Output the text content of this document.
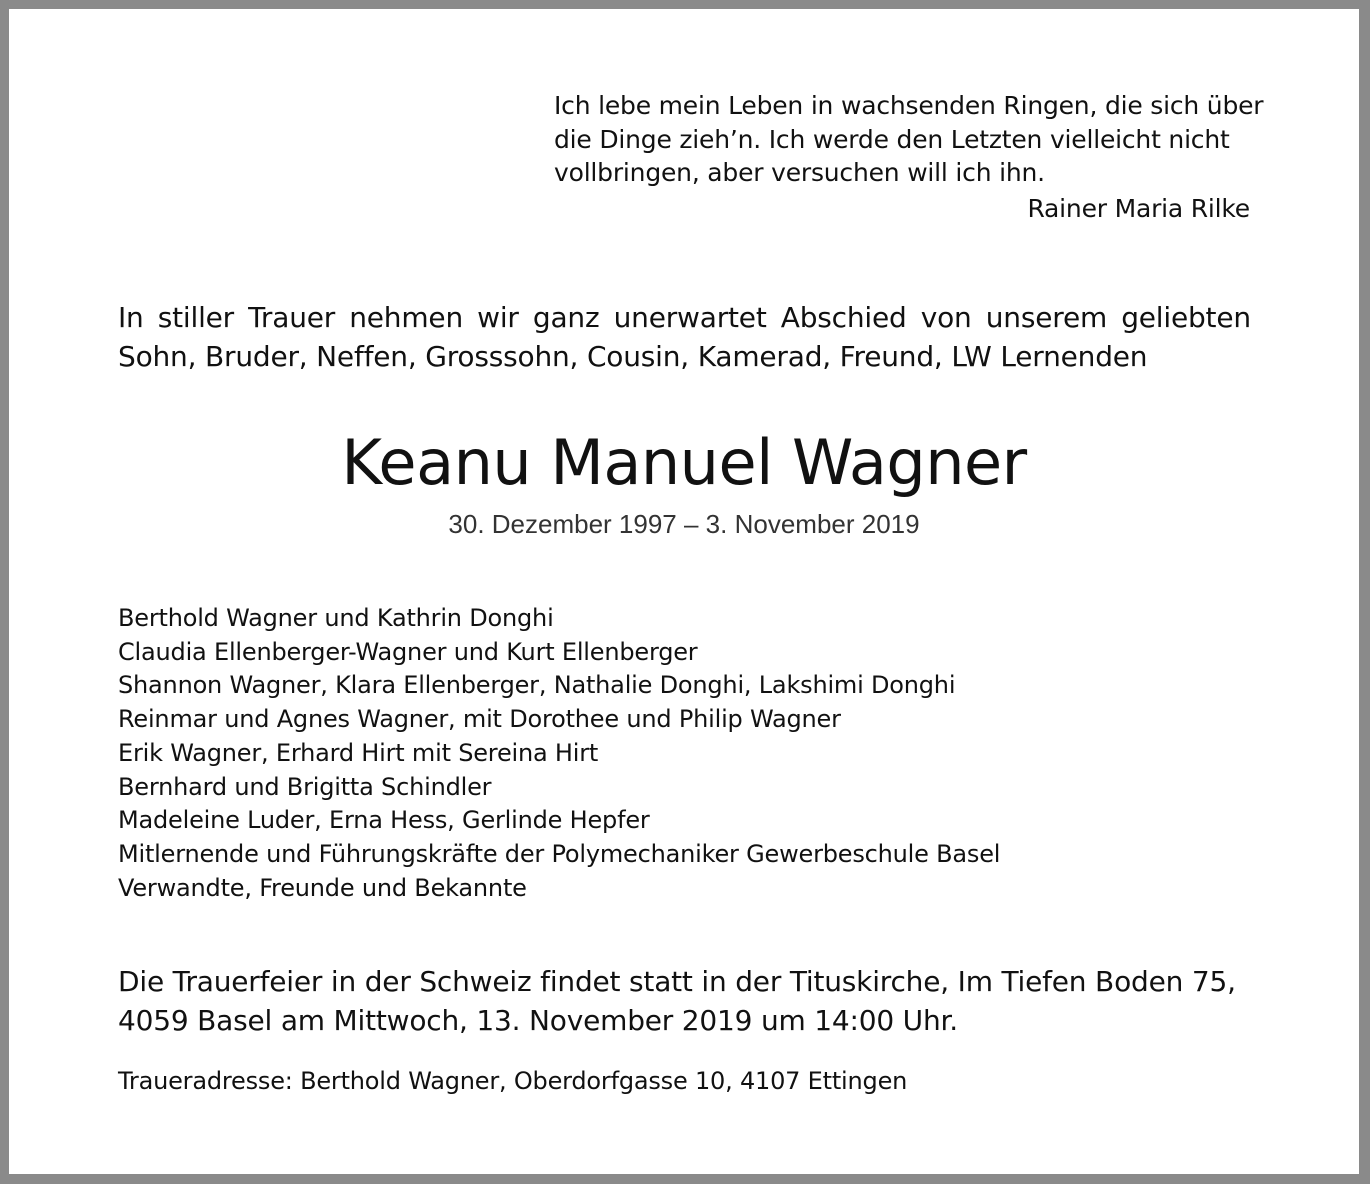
Ich lebe mein Leben in wachsenden Ringen, die sich über
die Dinge zieh’n. Ich werde den Letzten vielleicht nicht
vollbringen, aber versuchen will ich ihn.
Rainer Maria Rilke
In stiller Trauer nehmen wir ganz unerwartet Abschied von unserem geliebten
Sohn, Bruder, Neffen, Grosssohn, Cousin, Kamerad, Freund, LW Lernenden
Keanu Manuel Wagner
30. Dezember 1997 – 3. November 2019
Berthold Wagner und Kathrin Donghi
Claudia Ellenberger-Wagner und Kurt Ellenberger
Shannon Wagner, Klara Ellenberger, Nathalie Donghi, Lakshimi Donghi
Reinmar und Agnes Wagner, mit Dorothee und Philip Wagner
Erik Wagner, Erhard Hirt mit Sereina Hirt
Bernhard und Brigitta Schindler
Madeleine Luder, Erna Hess, Gerlinde Hepfer
Mitlernende und Führungskräfte der Polymechaniker Gewerbeschule Basel
Verwandte, Freunde und Bekannte
Die Trauerfeier in der Schweiz findet statt in der Tituskirche, Im Tiefen Boden 75,
4059 Basel am Mittwoch, 13. November 2019 um 14:00 Uhr.
Traueradresse: Berthold Wagner, Oberdorfgasse 10, 4107 Ettingen
